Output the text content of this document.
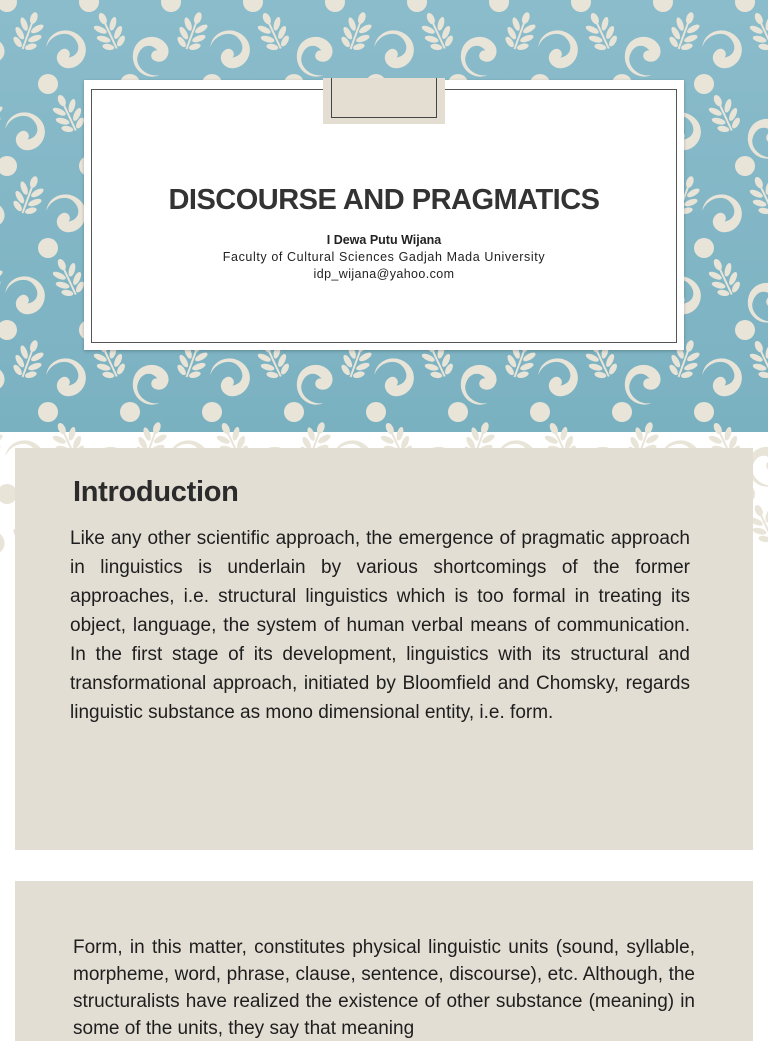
DISCOURSE AND PRAGMATICS
I Dewa Putu Wijana
Faculty of Cultural Sciences Gadjah Mada University
idp_wijana@yahoo.com
Introduction
Like any other scientific approach, the emergence of pragmatic approach in linguistics is underlain by various shortcomings of the former approaches, i.e. structural linguistics which is too formal in treating its object, language, the system of human verbal means of communication. In the first stage of its development, linguistics with its structural and transformational approach, initiated by Bloomfield and Chomsky, regards linguistic substance as mono dimensional entity, i.e. form.
Form, in this matter, constitutes physical linguistic units (sound, syllable, morpheme, word, phrase, clause, sentence, discourse), etc. Although, the structuralists have realized the existence of other substance (meaning) in some of the units, they say that meaning
